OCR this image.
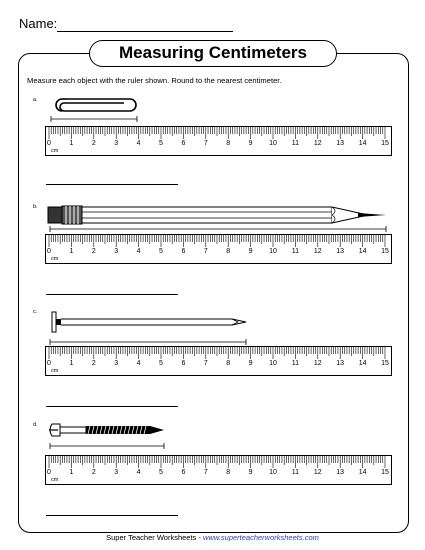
Name:
Measuring Centimeters
Measure each object with the ruler shown. Round to the nearest centimeter.
a.
0	1	2	3	4	5	6	7	8	9 10 11 12 13 14 15
cm
b.
0	1	2	3	4	5	6	7	8	9 10 11 12 13 14 15
cm
c.
0	1	2	3	4	5	6	7	8	9 10 11 12 13 14 15
cm
d.
0	1	2	3	4	5	6	7	8	9 10 11 12 13 14 15
cm
Super Teacher Worksheets - www.superteacherworksheets.com
